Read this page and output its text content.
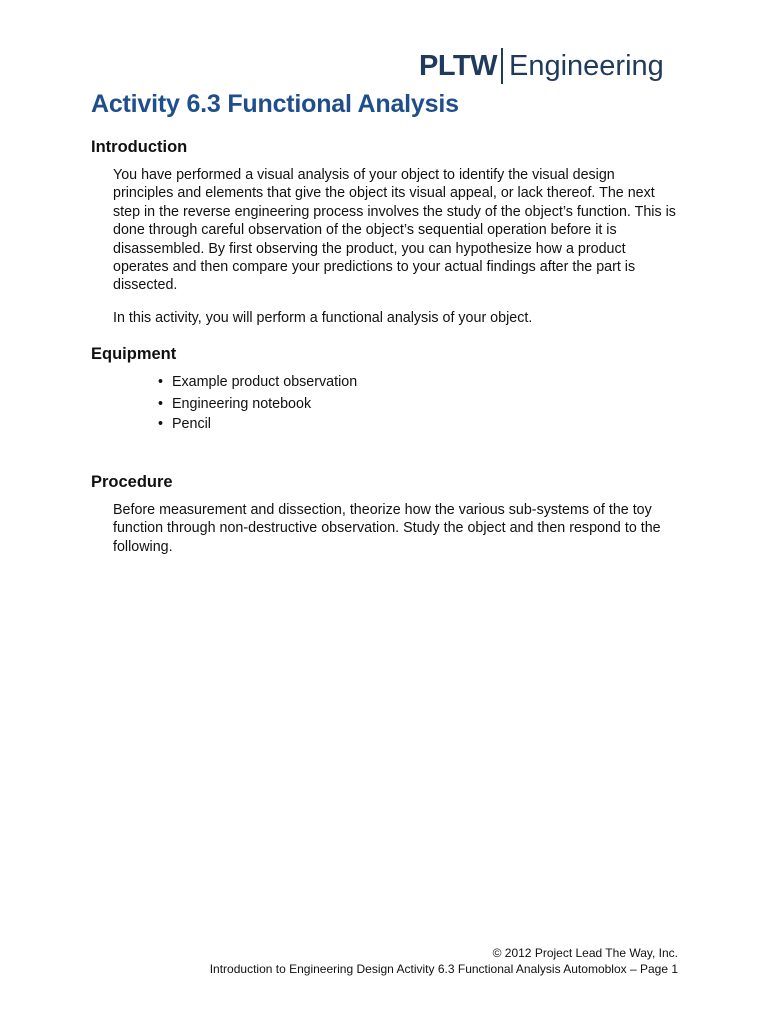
PLTW Engineering
Activity 6.3 Functional Analysis
Introduction

You have performed a visual analysis of your object to identify the visual design principles and elements that give the object its visual appeal, or lack thereof. The next step in the reverse engineering process involves the study of the object’s function. This is done through careful observation of the object’s sequential operation before it is disassembled. By first observing the product, you can hypothesize how a product operates and then compare your predictions to your actual findings after the part is dissected.

In this activity, you will perform a functional analysis of your object.

Equipment
• Example product observation
• Engineering notebook
• Pencil
Procedure

Before measurement and dissection, theorize how the various sub-systems of the toy function through non-destructive observation. Study the object and then respond to the following.

© 2012 Project Lead The Way, Inc.

Introduction to Engineering Design Activity 6.3 Functional Analysis Automoblox – Page 1
